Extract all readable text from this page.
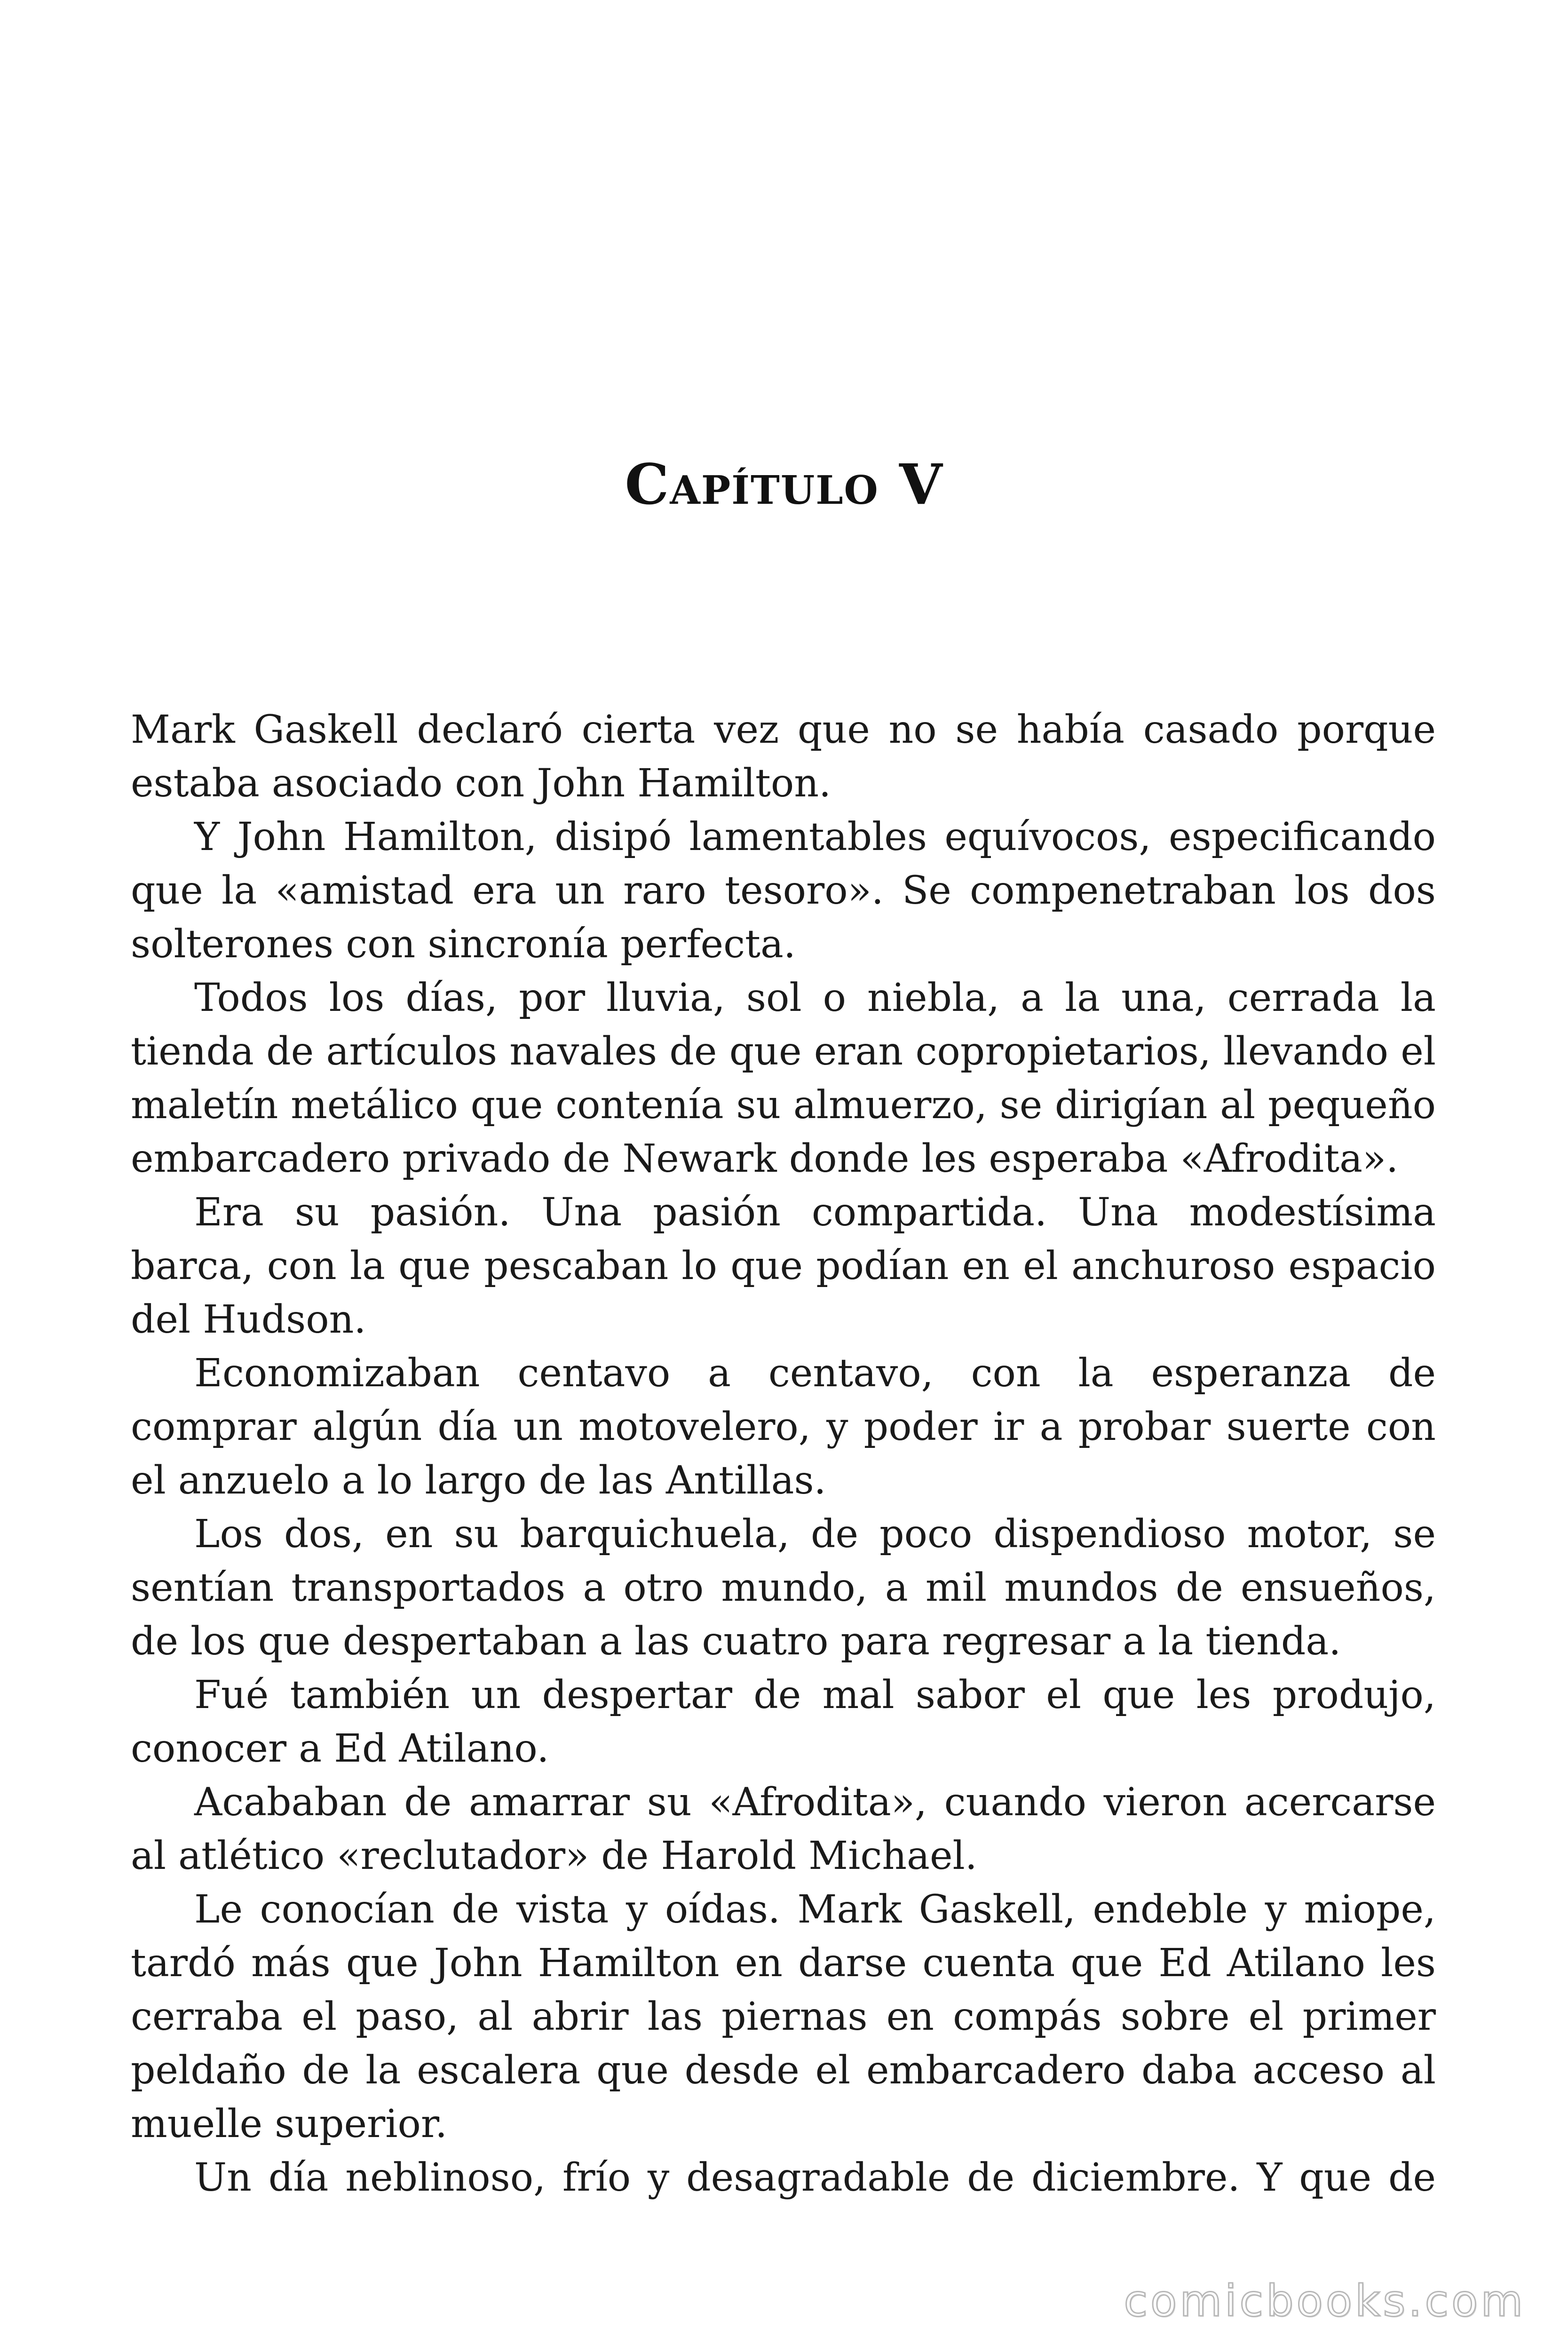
Capítulo V

Mark Gaskell declaró cierta vez que no se había casado porque estaba asociado con John Hamilton.

Y John Hamilton, disipó lamentables equívocos, especificando que la «amistad era un raro tesoro». Se compenetraban los dos solterones con sincronía perfecta.

Todos los días, por lluvia, sol o niebla, a la una, cerrada la tienda de artículos navales de que eran copropietarios, llevando el maletín metálico que contenía su almuerzo, se dirigían al pequeño embarcadero privado de Newark donde les esperaba «Afrodita».

Era su pasión. Una pasión compartida. Una modestísima barca, con la que pescaban lo que podían en el anchuroso espacio del Hudson.

Economizaban centavo a centavo, con la esperanza de comprar algún día un motovelero, y poder ir a probar suerte con el anzuelo a lo largo de las Antillas.

Los dos, en su barquichuela, de poco dispendioso motor, se sentían transportados a otro mundo, a mil mundos de ensueños, de los que despertaban a las cuatro para regresar a la tienda.

Fué también un despertar de mal sabor el que les produjo, conocer a Ed Atilano.

Acababan de amarrar su «Afrodita», cuando vieron acercarse al atlético «reclutador» de Harold Michael.

Le conocían de vista y oídas. Mark Gaskell, endeble y miope, tardó más que John Hamilton en darse cuenta que Ed Atilano les cerraba el paso, al abrir las piernas en compás sobre el primer peldaño de la escalera que desde el embarcadero daba acceso al muelle superior.

Un día neblinoso, frío y desagradable de diciembre. Y que de

comicbooks.com
